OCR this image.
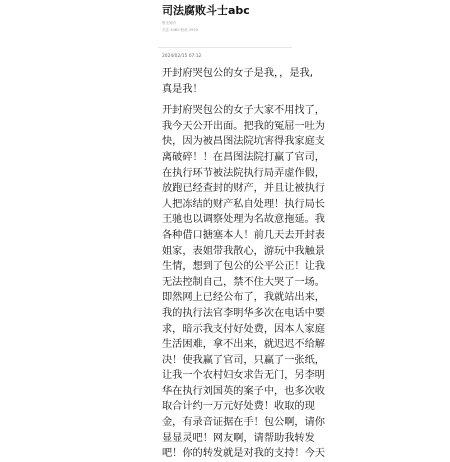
司法腐败斗士abc
暂无简介
关注 4480 粉丝 3920
2024/02/15 07:12
开封府哭包公的女子是我，，是我,
真是我！
开封府哭包公的女子大家不用找了，
我今天公开出面。把我的冤屈一吐为
快，因为被昌图法院坑害得我家庭支
离破碎！！在昌图法院打赢了官司，
在执行环节被法院执行局弄虚作假，
放跑已经查封的财产，并且让被执行
人把冻结的财产私自处理！执行局长
王驰也以调察处理为名故意拖延。我
各种借口搪塞本人！前几天去开封表
姐家，表姐带我散心，游玩中我触景
生情，想到了包公的公平公正！让我
无法控制自己，禁不住大哭了一场。
即然网上已经公布了，我就站出来，
我的执行法官李明华多次在电话中要
求，暗示我支付好处费，因本人家庭
生活困难，拿不出来，就迟迟不给解
决！使我赢了官司，只赢了一张纸，
让我一个农村妇女求告无门，另李明
华在执行刘国英的案子中，也多次收
取合计约一万元好处费！收取的现
金，有录音证据在手！包公啊，请你
显显灵吧！网友啊，请帮助我转发
吧！你的转发就是对我的支持！今天
